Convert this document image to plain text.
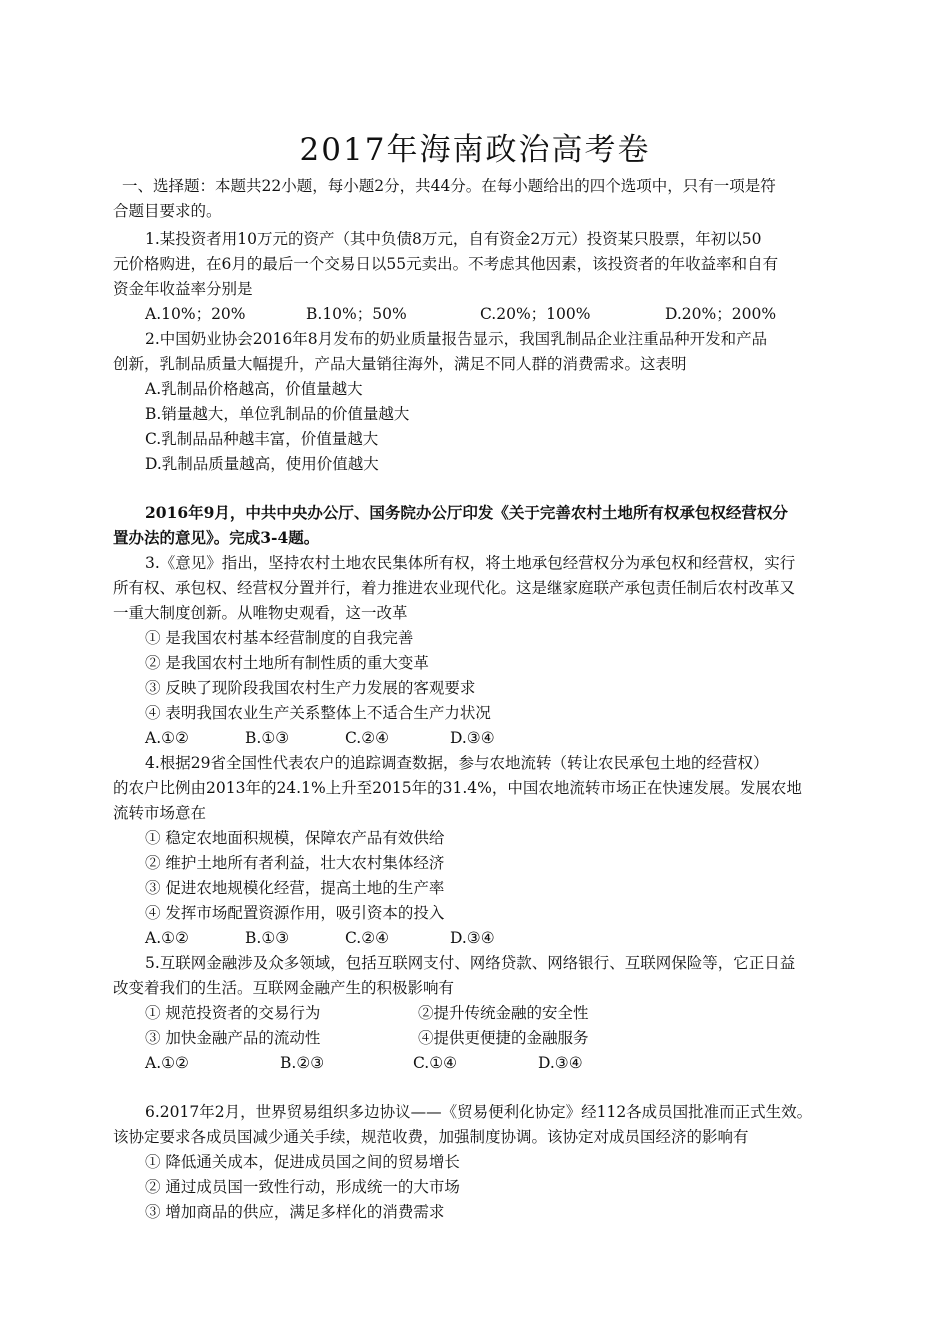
2017年海南政治高考卷
一、选择题：本题共22小题，每小题2分，共44分。在每小题给出的四个选项中，只有一项是符
合题目要求的。
1.某投资者用10万元的资产（其中负债8万元，自有资金2万元）投资某只股票，年初以50
元价格购进，在6月的最后一个交易日以55元卖出。不考虑其他因素，该投资者的年收益率和自有
资金年收益率分别是
A.10%；20%	B.10%；50%	C.20%；100%	D.20%；200%
2.中国奶业协会2016年8月发布的奶业质量报告显示，我国乳制品企业注重品种开发和产品
创新，乳制品质量大幅提升，产品大量销往海外，满足不同人群的消费需求。这表明
A.乳制品价格越高，价值量越大
B.销量越大，单位乳制品的价值量越大
C.乳制品品种越丰富，价值量越大
D.乳制品质量越高，使用价值越大
2016年9月，中共中央办公厅、国务院办公厅印发《关于完善农村土地所有权承包权经营权分
置办法的意见》。完成3-4题。
3.《意见》指出，坚持农村土地农民集体所有权，将土地承包经营权分为承包权和经营权，实行
所有权、承包权、经营权分置并行，着力推进农业现代化。这是继家庭联产承包责任制后农村改革又
一重大制度创新。从唯物史观看，这一改革
① 是我国农村基本经营制度的自我完善
② 是我国农村土地所有制性质的重大变革
③ 反映了现阶段我国农村生产力发展的客观要求
④ 表明我国农业生产关系整体上不适合生产力状况
A.①②	B.①③	C.②④	D.③④
4.根据29省全国性代表农户的追踪调查数据，参与农地流转（转让农民承包土地的经营权）
的农户比例由2013年的24.1%上升至2015年的31.4%，中国农地流转市场正在快速发展。发展农地
流转市场意在
① 稳定农地面积规模，保障农产品有效供给
② 维护土地所有者利益，壮大农村集体经济
③ 促进农地规模化经营，提高土地的生产率
④ 发挥市场配置资源作用，吸引资本的投入
A.①②	B.①③	C.②④	D.③④
5.互联网金融涉及众多领域，包括互联网支付、网络贷款、网络银行、互联网保险等，它正日益
改变着我们的生活。互联网金融产生的积极影响有
① 规范投资者的交易行为	②提升传统金融的安全性
③ 加快金融产品的流动性	④提供更便捷的金融服务
A.①②	B.②③	C.①④	D.③④
6.2017年2月，世界贸易组织多边协议——《贸易便利化协定》经112各成员国批准而正式生效。
该协定要求各成员国减少通关手续，规范收费，加强制度协调。该协定对成员国经济的影响有
① 降低通关成本，促进成员国之间的贸易增长
② 通过成员国一致性行动，形成统一的大市场
③ 增加商品的供应，满足多样化的消费需求
